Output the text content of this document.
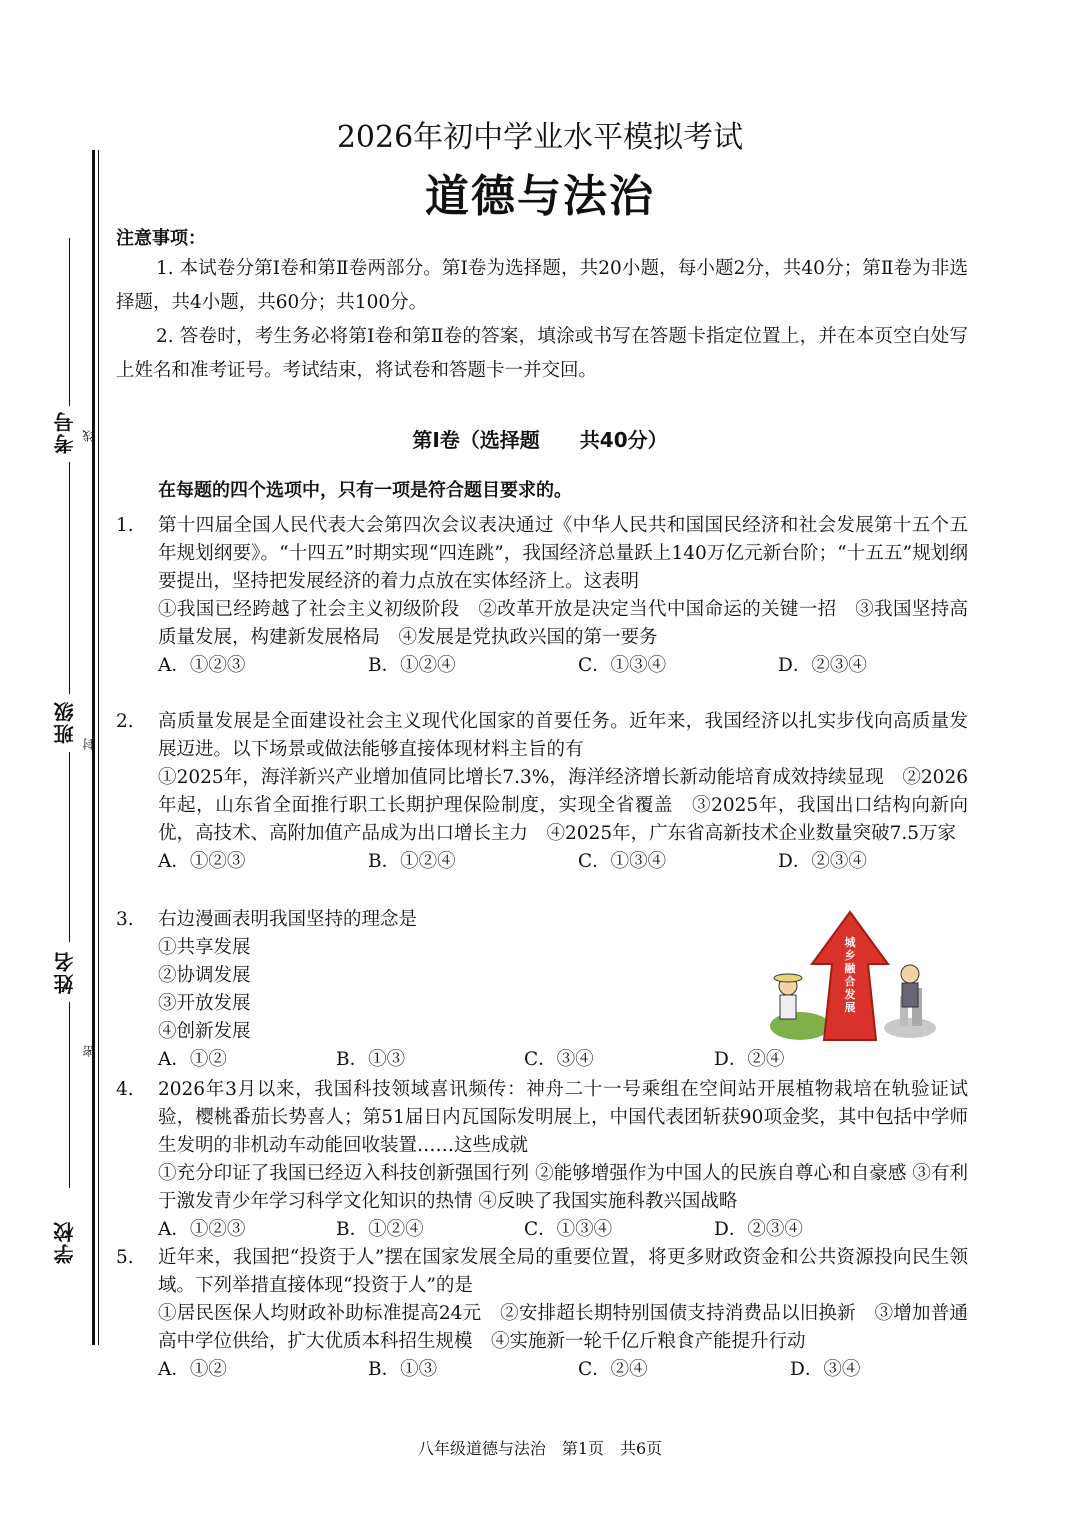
考号
班级
姓名
学校
线
封
密
2026年初中学业水平模拟考试
道德与法治
注意事项：
1. 本试卷分第Ⅰ卷和第Ⅱ卷两部分。第Ⅰ卷为选择题，共20小题，每小题2分，共40分；第Ⅱ卷为非选择题，共4小题，共60分；共100分。
2. 答卷时，考生务必将第Ⅰ卷和第Ⅱ卷的答案，填涂或书写在答题卡指定位置上，并在本页空白处写上姓名和准考证号。考试结束，将试卷和答题卡一并交回。
第Ⅰ卷（选择题　　共40分）
在每题的四个选项中，只有一项是符合题目要求的。
1. 第十四届全国人民代表大会第四次会议表决通过《中华人民共和国国民经济和社会发展第十五个五年规划纲要》。“十四五”时期实现“四连跳”，我国经济总量跃上140万亿元新台阶；“十五五”规划纲要提出，坚持把发展经济的着力点放在实体经济上。这表明
①我国已经跨越了社会主义初级阶段　②改革开放是决定当代中国命运的关键一招　③我国坚持高质量发展，构建新发展格局　④发展是党执政兴国的第一要务
A．①②③	B．①②④	C．①③④	D．②③④
2. 高质量发展是全面建设社会主义现代化国家的首要任务。近年来，我国经济以扎实步伐向高质量发展迈进。以下场景或做法能够直接体现材料主旨的有
①2025年，海洋新兴产业增加值同比增长7.3%，海洋经济增长新动能培育成效持续显现　②2026年起，山东省全面推行职工长期护理保险制度，实现全省覆盖　③2025年，我国出口结构向新向优，高技术、高附加值产品成为出口增长主力　④2025年，广东省高新技术企业数量突破7.5万家
A．①②③	B．①②④	C．①③④	D．②③④
3. 右边漫画表明我国坚持的理念是
①共享发展
②协调发展
③开放发展
④创新发展
A．①②	B．①③	C．③④	D．②④
城乡融合发展
4. 2026年3月以来，我国科技领域喜讯频传：神舟二十一号乘组在空间站开展植物栽培在轨验证试验，樱桃番茄长势喜人；第51届日内瓦国际发明展上，中国代表团斩获90项金奖，其中包括中学师生发明的非机动车动能回收装置……这些成就
①充分印证了我国已经迈入科技创新强国行列 ②能够增强作为中国人的民族自尊心和自豪感 ③有利于激发青少年学习科学文化知识的热情 ④反映了我国实施科教兴国战略
A．①②③	B．①②④	C．①③④	D．②③④
5. 近年来，我国把“投资于人”摆在国家发展全局的重要位置，将更多财政资金和公共资源投向民生领域。下列举措直接体现“投资于人”的是
①居民医保人均财政补助标准提高24元　②安排超长期特别国债支持消费品以旧换新　③增加普通高中学位供给，扩大优质本科招生规模　④实施新一轮千亿斤粮食产能提升行动
A．①②	B．①③	C．②④	D．③④
八年级道德与法治　第1页　共6页
